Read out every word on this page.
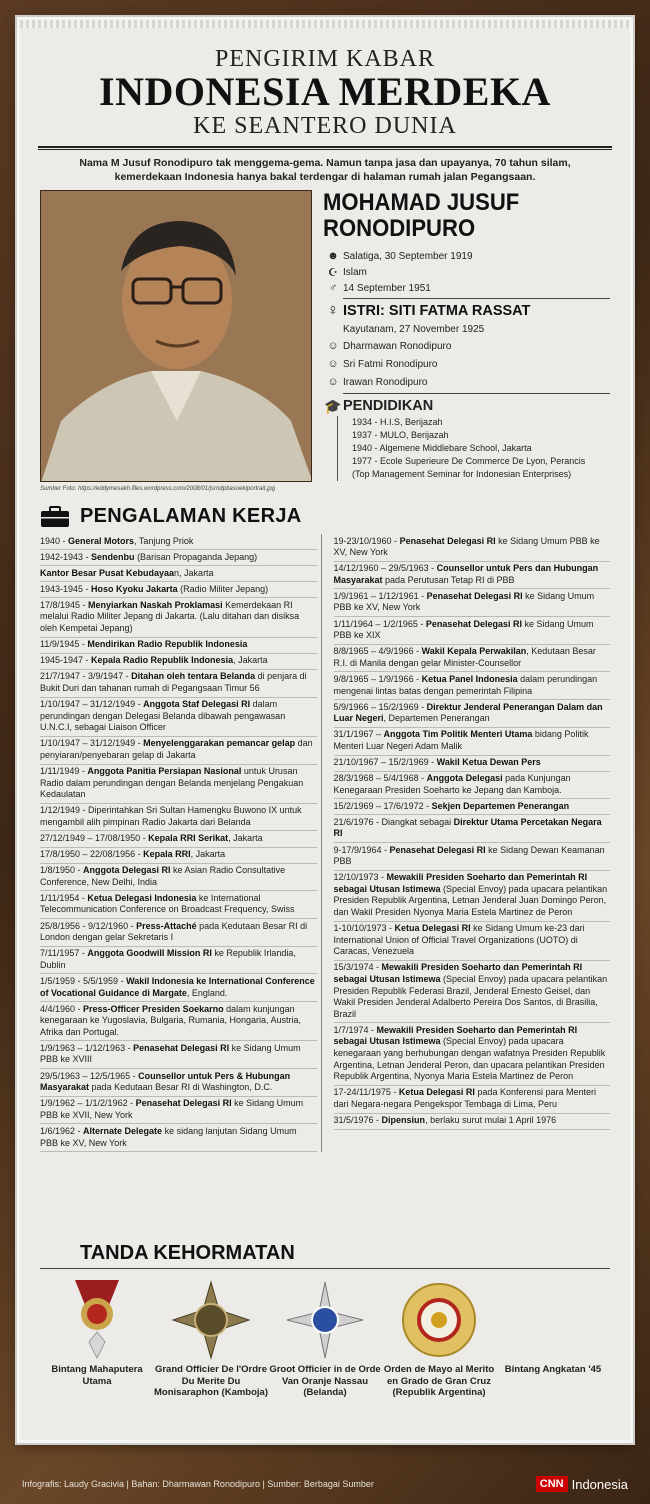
PENGIRIM KABAR
INDONESIA MERDEKA
KE SEANTERO DUNIA
Nama M Jusuf Ronodipuro tak menggema-gema. Namun tanpa jasa dan upayanya, 70 tahun silam, kemerdekaan Indonesia hanya bakal terdengar di halaman rumah jalan Pegangsaan.
Sumber Foto: https://eddymesakh.files.wordpress.com/2008/01/jsrndpbasoekiportrait.jpg
MOHAMAD JUSUF RONODIPURO
☻ Salatiga, 30 September 1919
☪ Islam
♂ 14 September 1951
♀ ISTRI: SITI FATMA RASSAT
Kayutanam, 27 November 1925
☺ Dharmawan Ronodipuro
☺ Sri Fatmi Ronodipuro
☺ Irawan Ronodipuro
🎓 PENDIDIKAN
1934 - H.I.S, Berijazah
1937 - MULO, Berijazah
1940 - Algemene Middlebare School, Jakarta
1977 - Ecole Superieure De Commerce De Lyon, Perancis
(Top Management Seminar for Indonesian Enterprises)
PENGALAMAN KERJA
1940 - General Motors, Tanjung Priok
1942-1943 - Sendenbu (Barisan Propaganda Jepang)
Kantor Besar Pusat Kebudayaan, Jakarta
1943-1945 - Hoso Kyoku Jakarta (Radio Militer Jepang)
17/8/1945 - Menyiarkan Naskah Proklamasi Kemerdekaan RI melalui Radio Militer Jepang di Jakarta. (Lalu ditahan dan disiksa oleh Kempetai Jepang)
11/9/1945 - Mendirikan Radio Republik Indonesia
1945-1947 - Kepala Radio Republik Indonesia, Jakarta
21/7/1947 - 3/9/1947 - Ditahan oleh tentara Belanda di penjara di Bukit Duri dan tahanan rumah di Pegangsaan Timur 56
1/10/1947 – 31/12/1949 - Anggota Staf Delegasi RI dalam perundingan dengan Delegasi Belanda dibawah pengawasan U.N.C.I, sebagai Liaison Officer
1/10/1947 – 31/12/1949 - Menyelenggarakan pemancar gelap dan penyiaran/penyebaran gelap di Jakarta
1/11/1949 - Anggota Panitia Persiapan Nasional untuk Urusan Radio dalam perundingan dengan Belanda menjelang Pengakuan Kedaulatan
1/12/1949 - Diperintahkan Sri Sultan Hamengku Buwono IX untuk mengambil alih pimpinan Radio Jakarta dari Belanda
27/12/1949 – 17/08/1950 - Kepala RRI Serikat, Jakarta
17/8/1950 – 22/08/1956 - Kepala RRI, Jakarta
1/8/1950 - Anggota Delegasi RI ke Asian Radio Consultative Conference, New Delhi, India
1/11/1954 - Ketua Delegasi Indonesia ke International Telecommunication Conference on Broadcast Frequency, Swiss
25/8/1956 - 9/12/1960 - Press-Attaché pada Kedutaan Besar RI di London dengan gelar Sekretaris I
7/11/1957 - Anggota Goodwill Mission RI ke Republik Irlandia, Dublin
1/5/1959 - 5/5/1959 - Wakil Indonesia ke International Conference of Vocational Guidance di Margate, England.
4/4/1960 - Press-Officer Presiden Soekarno dalam kunjungan kenegaraan ke Yugoslavia, Bulgaria, Rumania, Hongaria, Austria, Afrika dan Portugal.
1/9/1963 – 1/12/1963 - Penasehat Delegasi RI ke Sidang Umum PBB ke XVIII
29/5/1963 – 12/5/1965 - Counsellor untuk Pers & Hubungan Masyarakat pada Kedutaan Besar RI di Washington, D.C.
1/9/1962 – 1/1/2/1962 - Penasehat Delegasi RI ke Sidang Umum PBB ke XVII, New York
1/6/1962 - Alternate Delegate ke sidang lanjutan Sidang Umum PBB ke XV, New York
19-23/10/1960 - Penasehat Delegasi RI ke Sidang Umum PBB ke XV, New York
14/12/1960 – 29/5/1963 - Counsellor untuk Pers dan Hubungan Masyarakat pada Perutusan Tetap RI di PBB
1/9/1961 – 1/12/1961 - Penasehat Delegasi RI ke Sidang Umum PBB ke XV, New York
1/11/1964 – 1/2/1965 - Penasehat Delegasi RI ke Sidang Umum PBB ke XIX
8/8/1965 – 4/9/1966 - Wakil Kepala Perwakilan, Kedutaan Besar R.I. di Manila dengan gelar Minister-Counsellor
9/8/1965 – 1/9/1966 - Ketua Panel Indonesia dalam perundingan mengenai lintas batas dengan pemerintah Filipina
5/9/1966 – 15/2/1969 - Direktur Jenderal Penerangan Dalam dan Luar Negeri, Departemen Penerangan
31/1/1967 – Anggota Tim Politik Menteri Utama bidang Politik Menteri Luar Negeri Adam Malik
21/10/1967 – 15/2/1969 - Wakil Ketua Dewan Pers
28/3/1968 – 5/4/1968 - Anggota Delegasi pada Kunjungan Kenegaraan Presiden Soeharto ke Jepang dan Kamboja.
15/2/1969 – 17/6/1972 - Sekjen Departemen Penerangan
21/6/1976 - Diangkat sebagai Direktur Utama Percetakan Negara RI
9-17/9/1964 - Penasehat Delegasi RI ke Sidang Dewan Keamanan PBB
12/10/1973 - Mewakili Presiden Soeharto dan Pemerintah RI sebagai Utusan Istimewa (Special Envoy) pada upacara pelantikan Presiden Republik Argentina, Letnan Jenderal Juan Domingo Peron, dan Wakil Presiden Nyonya Maria Estela Martinez de Peron
1-10/10/1973 - Ketua Delegasi RI ke Sidang Umum ke-23 dari International Union of Official Travel Organizations (UOTO) di Caracas, Venezuela
15/3/1974 - Mewakili Presiden Soeharto dan Pemerintah RI sebagai Utusan Istimewa (Special Envoy) pada upacara pelantikan Presiden Republik Federasi Brazil, Jenderal Ernesto Geisel, dan Wakil Presiden Jenderal Adalberto Pereira Dos Santos, di Brasilia, Brazil
1/7/1974 - Mewakili Presiden Soeharto dan Pemerintah RI sebagai Utusan Istimewa (Special Envoy) pada upacara kenegaraan yang berhubungan dengan wafatnya Presiden Republik Argentina, Letnan Jenderal Peron, dan upacara pelantikan Presiden Republik Argentina, Nyonya Maria Estela Martinez de Peron
17-24/11/1975 - Ketua Delegasi RI pada Konferensi para Menteri dari Negara-negara Pengekspor Tembaga di Lima, Peru
31/5/1976 - Dipensiun, berlaku surut mulai 1 April 1976
TANDA KEHORMATAN
Bintang Mahaputera Utama
Grand Officier De l'Ordre Du Merite Du Monisaraphon (Kamboja)
Groot Officier in de Orde Van Oranje Nassau (Belanda)
Orden de Mayo al Merito en Grado de Gran Cruz (Republik Argentina)
Bintang Angkatan '45
Infografis: Laudy Gracivia | Bahan: Dharmawan Ronodipuro | Sumber: Berbagai Sumber	CNN Indonesia
